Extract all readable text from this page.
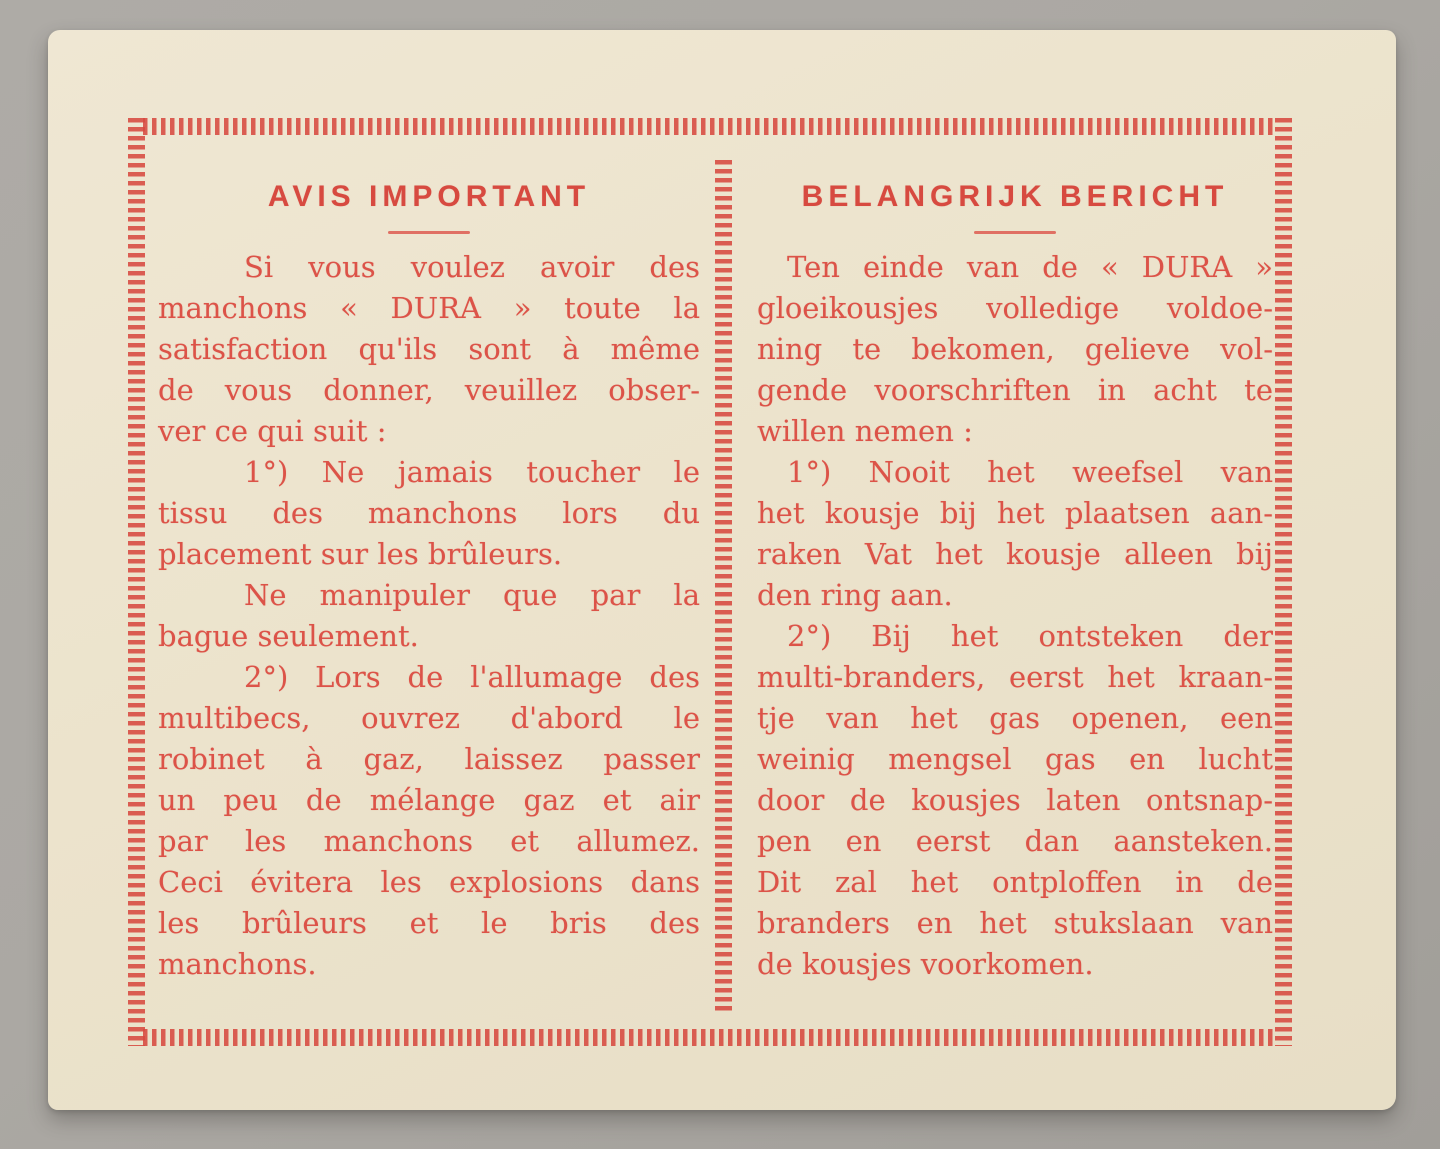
AVIS IMPORTANT
Si vous voulez avoir des
manchons « DURA » toute la
satisfaction qu'ils sont à même
de vous donner, veuillez obser-
ver ce qui suit :
1°) Ne jamais toucher le
tissu des manchons lors du
placement sur les brûleurs.
Ne manipuler que par la
bague seulement.
2°) Lors de l'allumage des
multibecs, ouvrez d'abord le
robinet à gaz, laissez passer
un peu de mélange gaz et air
par les manchons et allumez.
Ceci évitera les explosions dans
les brûleurs et le bris des
manchons.
BELANGRIJK BERICHT
Ten einde van de « DURA »
gloeikousjes volledige voldoe-
ning te bekomen, gelieve vol-
gende voorschriften in acht te
willen nemen :
1°) Nooit het weefsel van
het kousje bij het plaatsen aan-
raken Vat het kousje alleen bij
den ring aan.
2°) Bij het ontsteken der
multi-branders, eerst het kraan-
tje van het gas openen, een
weinig mengsel gas en lucht
door de kousjes laten ontsnap-
pen en eerst dan aansteken.
Dit zal het ontploffen in de
branders en het stukslaan van
de kousjes voorkomen.
